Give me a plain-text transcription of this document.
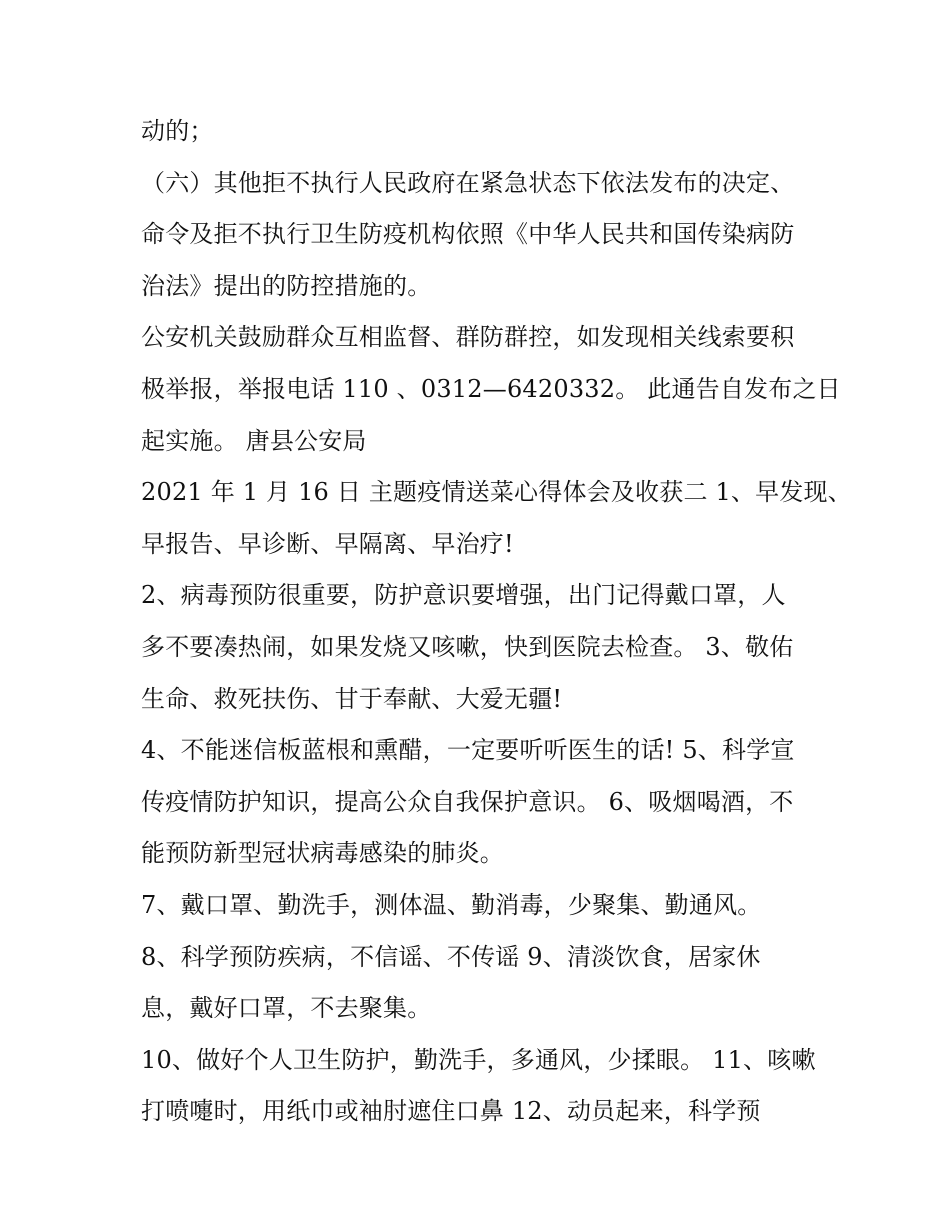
动的；
（六）其他拒不执行人民政府在紧急状态下依法发布的决定、
命令及拒不执行卫生防疫机构依照《中华人民共和国传染病防
治法》提出的防控措施的。
公安机关鼓励群众互相监督、群防群控，如发现相关线索要积
极举报，举报电话 110 、0312—6420332。 此通告自发布之日
起实施。 唐县公安局
2021 年 1 月 16 日 主题疫情送菜心得体会及收获二 1、早发现、
早报告、早诊断、早隔离、早治疗!
2、病毒预防很重要，防护意识要增强，出门记得戴口罩，人
多不要凑热闹，如果发烧又咳嗽，快到医院去检查。 3、敬佑
生命、救死扶伤、甘于奉献、大爱无疆!
4、不能迷信板蓝根和熏醋，一定要听听医生的话! 5、科学宣
传疫情防护知识，提高公众自我保护意识。 6、吸烟喝酒，不
能预防新型冠状病毒感染的肺炎。
7、戴口罩、勤洗手，测体温、勤消毒，少聚集、勤通风。
8、科学预防疾病，不信谣、不传谣 9、清淡饮食，居家休
息，戴好口罩，不去聚集。
10、做好个人卫生防护，勤洗手，多通风，少揉眼。 11、咳嗽
打喷嚏时，用纸巾或袖肘遮住口鼻 12、动员起来，科学预
